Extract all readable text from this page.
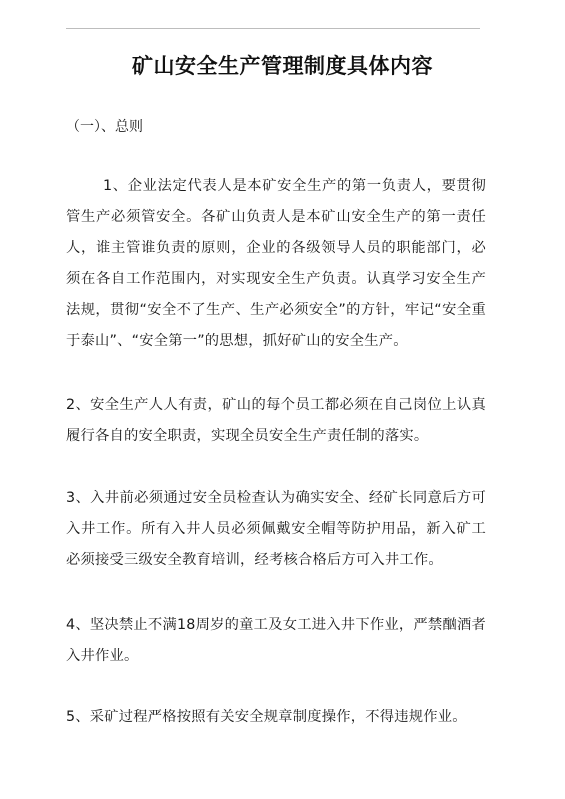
矿山安全生产管理制度具体内容
（一）、总则
1、企业法定代表人是本矿安全生产的第一负责人，要贯彻管生产必须管安全。各矿山负责人是本矿山安全生产的第一责任人，谁主管谁负责的原则，企业的各级领导人员的职能部门，必须在各自工作范围内，对实现安全生产负责。认真学习安全生产法规，贯彻“安全不了生产、生产必须安全”的方针，牢记“安全重于泰山”、“安全第一”的思想，抓好矿山的安全生产。
2、安全生产人人有责，矿山的每个员工都必须在自己岗位上认真履行各自的安全职责，实现全员安全生产责任制的落实。
3、入井前必须通过安全员检查认为确实安全、经矿长同意后方可入井工作。所有入井人员必须佩戴安全帽等防护用品，新入矿工必须接受三级安全教育培训，经考核合格后方可入井工作。
4、坚决禁止不满18周岁的童工及女工进入井下作业，严禁酗酒者入井作业。
5、采矿过程严格按照有关安全规章制度操作，不得违规作业。
